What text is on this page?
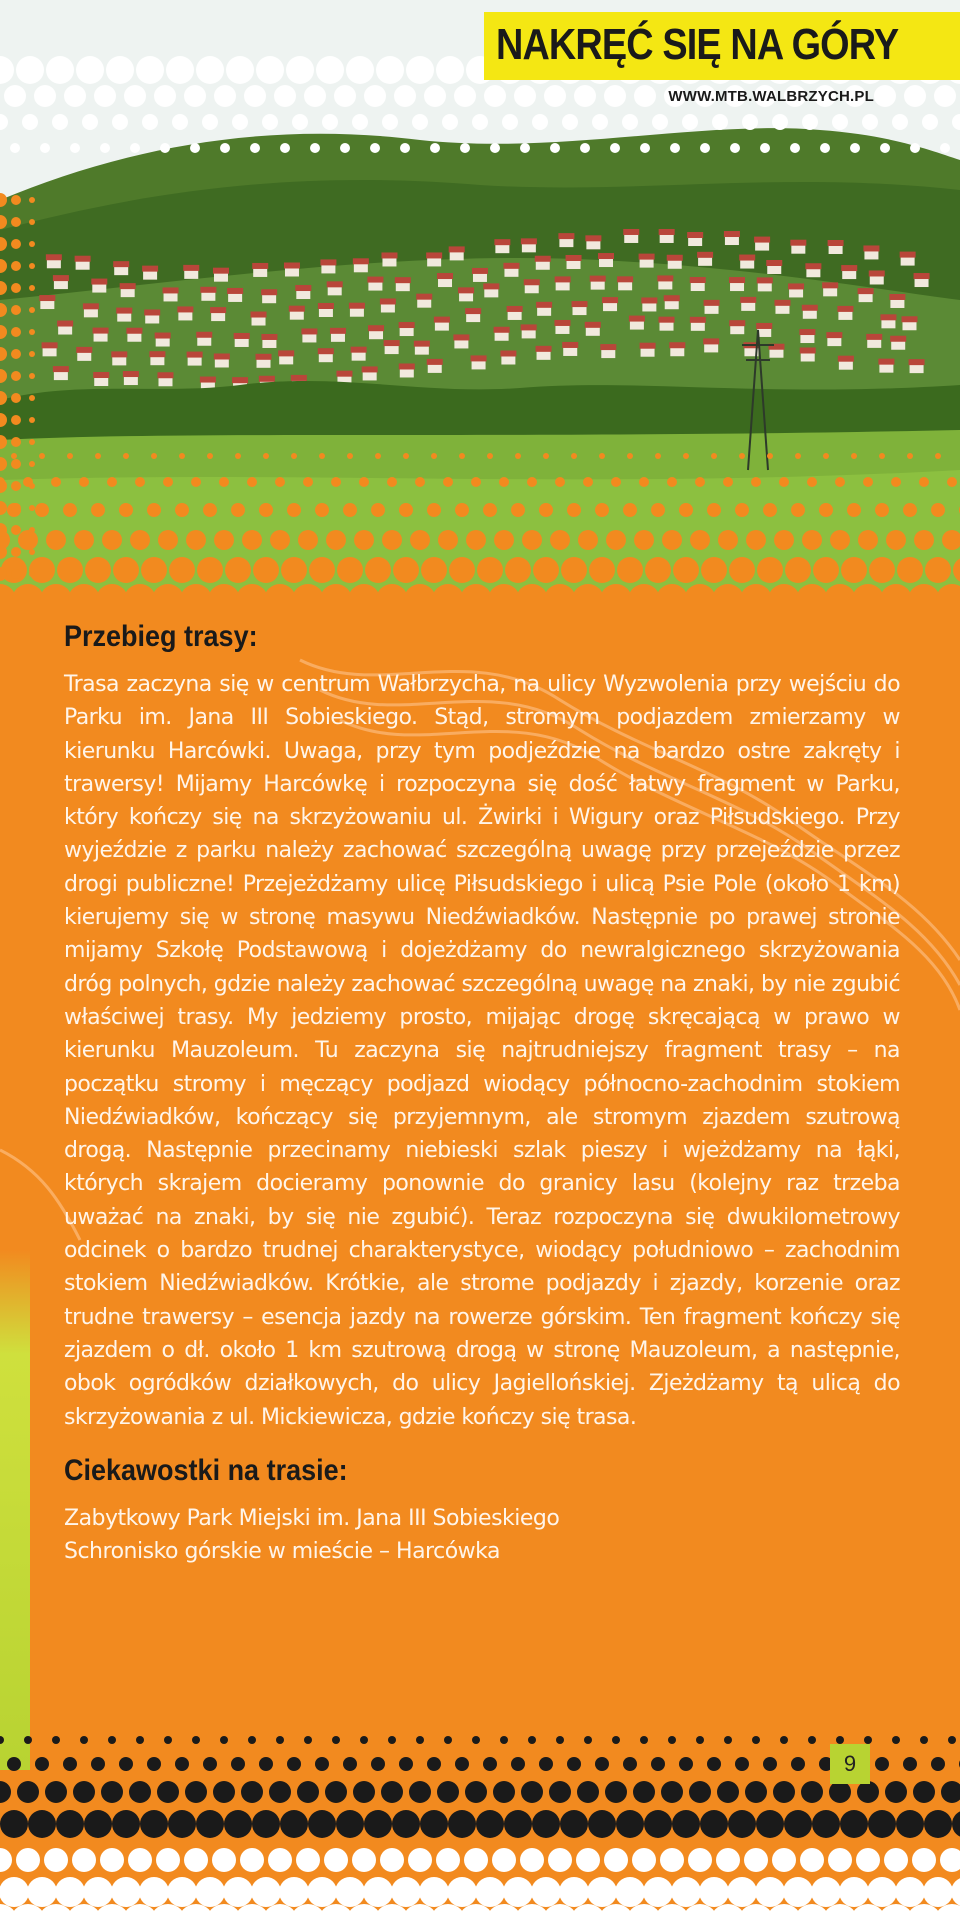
NAKRĘĆ SIĘ NA GÓRY
WWW.MTB.WALBRZYCH.PL
Przebieg trasy:

Trasa zaczyna się w centrum Wałbrzycha, na ulicy Wyzwolenia przy wejściu do Parku im. Jana III Sobieskiego. Stąd, stromym podjazdem zmierzamy w kierunku Harcówki. Uwaga, przy tym podjeździe na bardzo ostre zakręty i trawersy! Mijamy Harcówkę i rozpoczyna się dość łatwy fragment w Parku, który kończy się na skrzyżowaniu ul. Żwirki i Wigury oraz Piłsudskiego. Przy wyjeździe z parku należy zachować szczególną uwagę przy przejeździe przez drogi publiczne! Przejeżdżamy ulicę Piłsudskiego i ulicą Psie Pole (około 1 km) kierujemy się w stronę masywu Niedźwiadków. Następnie po prawej stronie mijamy Szkołę Podstawową i dojeżdżamy do newralgicznego skrzyżowania dróg polnych, gdzie należy zachować szczególną uwagę na znaki, by nie zgubić właściwej trasy. My jedziemy prosto, mijając drogę skręcającą w prawo w kierunku Mauzoleum. Tu zaczyna się najtrudniejszy fragment trasy – na początku stromy i męczący podjazd wiodący północno-zachodnim stokiem Niedźwiadków, kończący się przyjemnym, ale stromym zjazdem szutrową drogą. Następnie przecinamy niebieski szlak pieszy i wjeżdżamy na łąki, których skrajem docieramy ponownie do granicy lasu (kolejny raz trzeba uważać na znaki, by się nie zgubić). Teraz rozpoczyna się dwukilometrowy odcinek o bardzo trudnej charakterystyce, wiodący południowo – zachodnim stokiem Niedźwiadków. Krótkie, ale strome podjazdy i zjazdy, korzenie oraz trudne trawersy – esencja jazdy na rowerze górskim. Ten fragment kończy się zjazdem o dł. około 1 km szutrową drogą w stronę Mauzoleum, a następnie, obok ogródków działkowych, do ulicy Jagiellońskiej. Zjeżdżamy tą ulicą do skrzyżowania z ul. Mickiewicza, gdzie kończy się trasa.

Ciekawostki na trasie:
Zabytkowy Park Miejski im. Jana III Sobieskiego
Schronisko górskie w mieście – Harcówka
9
